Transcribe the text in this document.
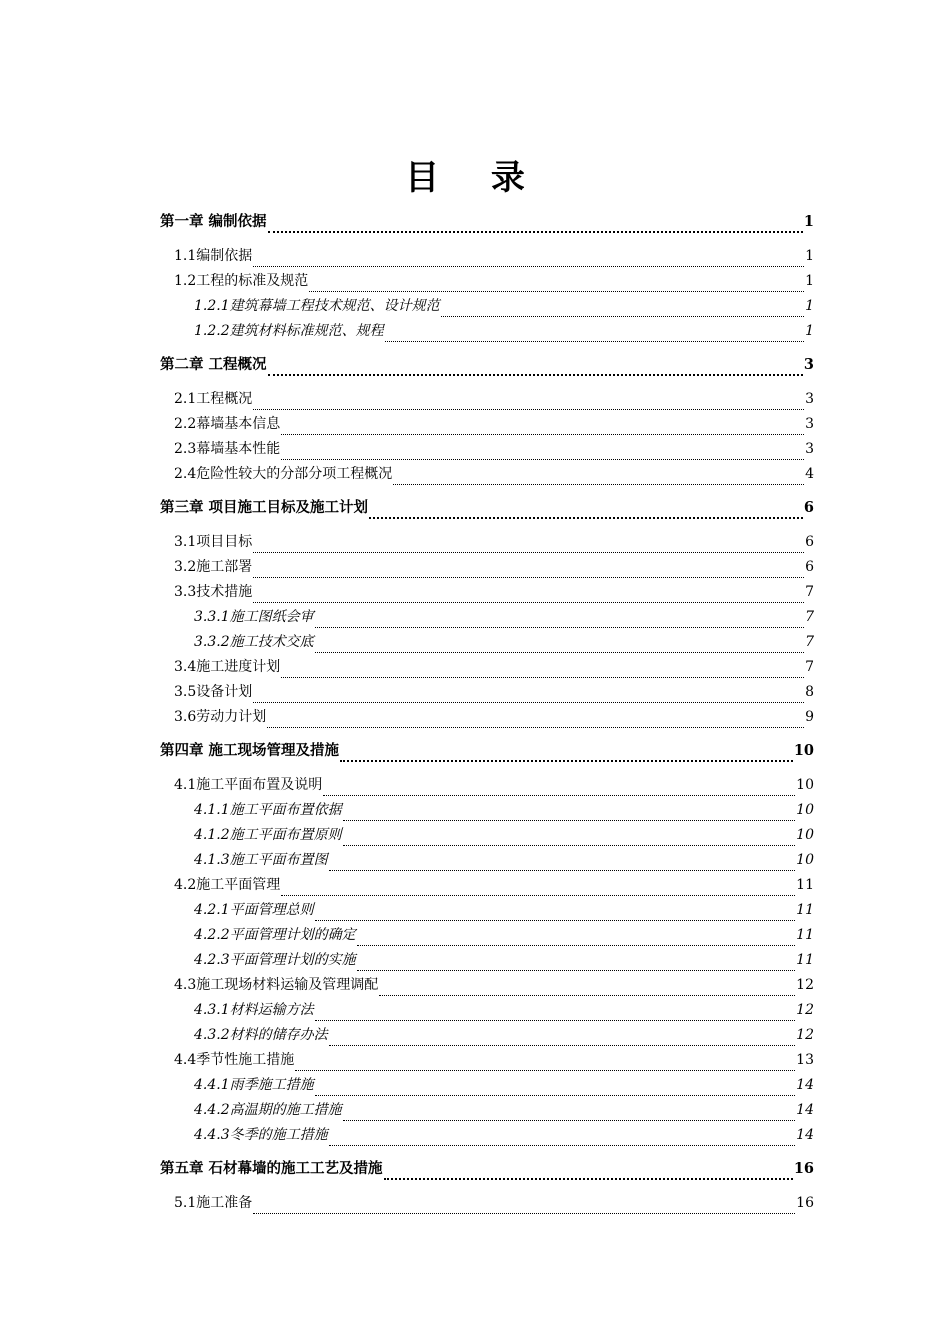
目 录
第一章 编制依据	1
1.1编制依据	1
1.2工程的标准及规范	1
1.2.1建筑幕墙工程技术规范、设计规范	1
1.2.2建筑材料标准规范、规程	1
第二章 工程概况	3
2.1工程概况	3
2.2幕墙基本信息	3
2.3幕墙基本性能	3
2.4危险性较大的分部分项工程概况	4
第三章 项目施工目标及施工计划	6
3.1项目目标	6
3.2施工部署	6
3.3技术措施	7
3.3.1施工图纸会审	7
3.3.2施工技术交底	7
3.4施工进度计划	7
3.5设备计划	8
3.6劳动力计划	9
第四章 施工现场管理及措施	10
4.1施工平面布置及说明	10
4.1.1施工平面布置依据	10
4.1.2施工平面布置原则	10
4.1.3施工平面布置图	10
4.2施工平面管理	11
4.2.1平面管理总则	11
4.2.2平面管理计划的确定	11
4.2.3平面管理计划的实施	11
4.3施工现场材料运输及管理调配	12
4.3.1材料运输方法	12
4.3.2材料的储存办法	12
4.4季节性施工措施	13
4.4.1雨季施工措施	14
4.4.2高温期的施工措施	14
4.4.3冬季的施工措施	14
第五章 石材幕墙的施工工艺及措施	16
5.1施工准备	16
